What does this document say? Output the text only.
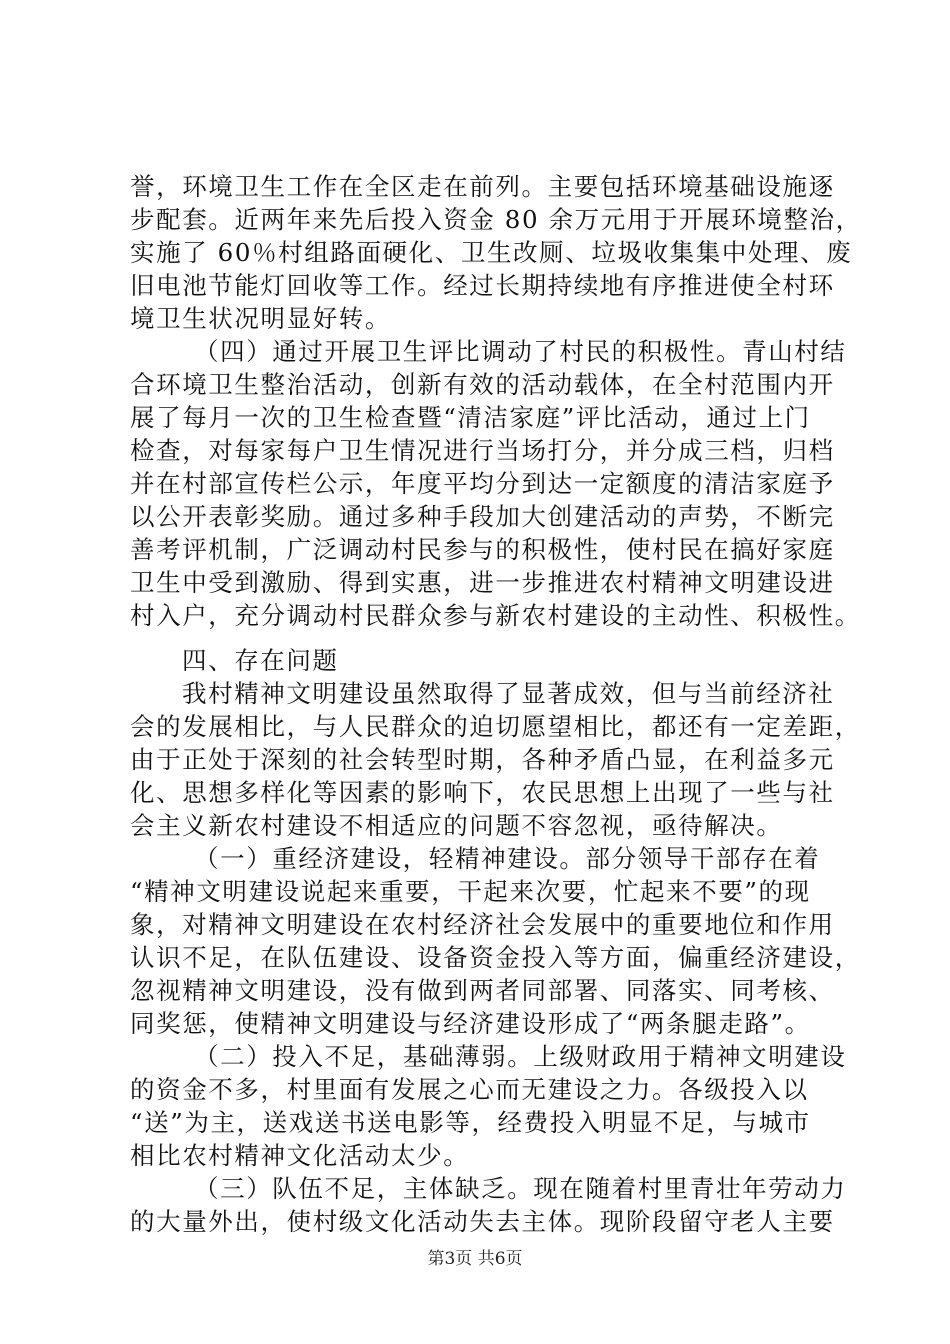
誉，环境卫生工作在全区走在前列。主要包括环境基础设施逐
步配套。近两年来先后投入资金 80 余万元用于开展环境整治，
实施了 60％村组路面硬化、卫生改厕、垃圾收集集中处理、废
旧电池节能灯回收等工作。经过长期持续地有序推进使全村环
境卫生状况明显好转。
（四）通过开展卫生评比调动了村民的积极性。青山村结
合环境卫生整治活动，创新有效的活动载体，在全村范围内开
展了每月一次的卫生检查暨“清洁家庭”评比活动，通过上门
检查，对每家每户卫生情况进行当场打分，并分成三档，归档
并在村部宣传栏公示，年度平均分到达一定额度的清洁家庭予
以公开表彰奖励。通过多种手段加大创建活动的声势，不断完
善考评机制，广泛调动村民参与的积极性，使村民在搞好家庭
卫生中受到激励、得到实惠，进一步推进农村精神文明建设进
村入户，充分调动村民群众参与新农村建设的主动性、积极性。
四、存在问题
我村精神文明建设虽然取得了显著成效，但与当前经济社
会的发展相比，与人民群众的迫切愿望相比，都还有一定差距，
由于正处于深刻的社会转型时期，各种矛盾凸显，在利益多元
化、思想多样化等因素的影响下，农民思想上出现了一些与社
会主义新农村建设不相适应的问题不容忽视，亟待解决。
（一）重经济建设，轻精神建设。部分领导干部存在着
“精神文明建设说起来重要，干起来次要，忙起来不要”的现
象，对精神文明建设在农村经济社会发展中的重要地位和作用
认识不足，在队伍建设、设备资金投入等方面，偏重经济建设，
忽视精神文明建设，没有做到两者同部署、同落实、同考核、
同奖惩，使精神文明建设与经济建设形成了“两条腿走路”。
（二）投入不足，基础薄弱。上级财政用于精神文明建设
的资金不多，村里面有发展之心而无建设之力。各级投入以
“送”为主，送戏送书送电影等，经费投入明显不足，与城市
相比农村精神文化活动太少。
（三）队伍不足，主体缺乏。现在随着村里青壮年劳动力
的大量外出，使村级文化活动失去主体。现阶段留守老人主要
第3页 共6页
